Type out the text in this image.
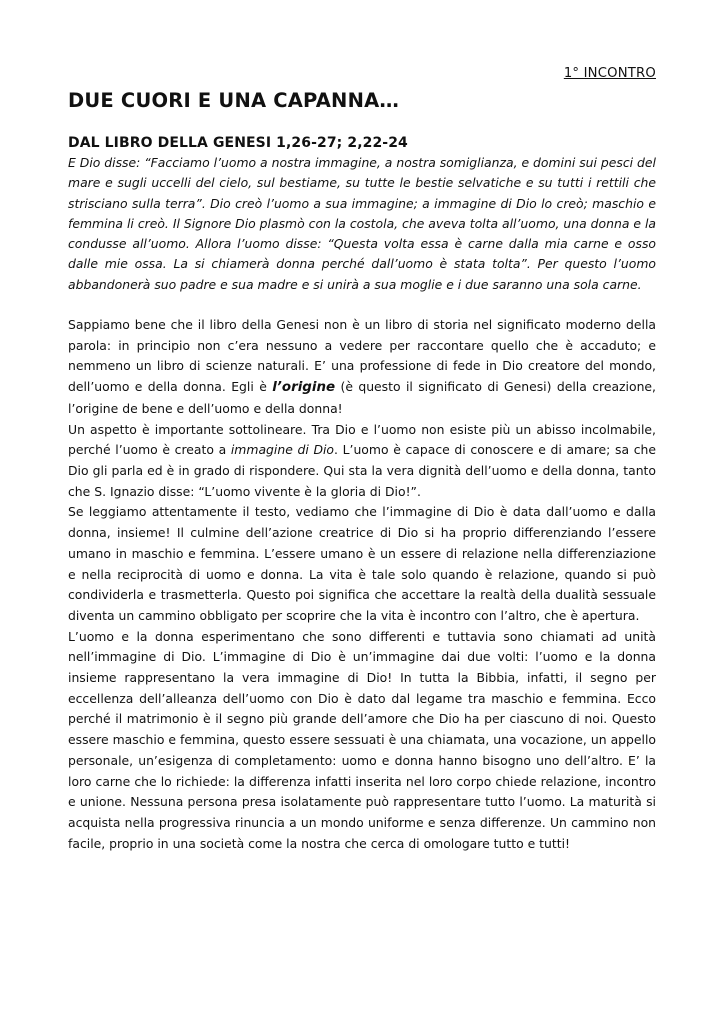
1° INCONTRO
DUE CUORI E UNA CAPANNA…
DAL LIBRO DELLA GENESI 1,26-27; 2,22-24

E Dio disse: “Facciamo l’uomo a nostra immagine, a nostra somiglianza, e domini sui pesci del mare e sugli uccelli del cielo, sul bestiame, su tutte le bestie selvatiche e su tutti i rettili che strisciano sulla terra”. Dio creò l’uomo a sua immagine; a immagine di Dio lo creò; maschio e femmina li creò. Il Signore Dio plasmò con la costola, che aveva tolta all’uomo, una donna e la condusse all’uomo. Allora l’uomo disse: “Questa volta essa è carne dalla mia carne e osso dalle mie ossa. La si chiamerà donna perché dall’uomo è stata tolta”. Per questo l’uomo abbandonerà suo padre e sua madre e si unirà a sua moglie e i due saranno una sola carne.

Sappiamo bene che il libro della Genesi non è un libro di storia nel significato moderno della parola: in principio non c’era nessuno a vedere per raccontare quello che è accaduto; e nemmeno un libro di scienze naturali. E’ una professione di fede in Dio creatore del mondo, dell’uomo e della donna. Egli è l’origine (è questo il significato di Genesi) della creazione, l’origine de bene e dell’uomo e della donna!

Un aspetto è importante sottolineare. Tra Dio e l’uomo non esiste più un abisso incolmabile, perché l’uomo è creato a immagine di Dio. L’uomo è capace di conoscere e di amare; sa che Dio gli parla ed è in grado di rispondere. Qui sta la vera dignità dell’uomo e della donna, tanto che S. Ignazio disse: “L’uomo vivente è la gloria di Dio!”.

Se leggiamo attentamente il testo, vediamo che l’immagine di Dio è data dall’uomo e dalla donna, insieme! Il culmine dell’azione creatrice di Dio si ha proprio differenziando l’essere umano in maschio e femmina. L’essere umano è un essere di relazione nella differenziazione e nella reciprocità di uomo e donna. La vita è tale solo quando è relazione, quando si può condividerla e trasmetterla. Questo poi significa che accettare la realtà della dualità sessuale diventa un cammino obbligato per scoprire che la vita è incontro con l’altro, che è apertura.

L’uomo e la donna esperimentano che sono differenti e tuttavia sono chiamati ad unità nell’immagine di Dio. L’immagine di Dio è un’immagine dai due volti: l’uomo e la donna insieme rappresentano la vera immagine di Dio! In tutta la Bibbia, infatti, il segno per eccellenza dell’alleanza dell’uomo con Dio è dato dal legame tra maschio e femmina. Ecco perché il matrimonio è il segno più grande dell’amore che Dio ha per ciascuno di noi. Questo essere maschio e femmina, questo essere sessuati è una chiamata, una vocazione, un appello personale, un’esigenza di completamento: uomo e donna hanno bisogno uno dell’altro. E’ la loro carne che lo richiede: la differenza infatti inserita nel loro corpo chiede relazione, incontro e unione. Nessuna persona presa isolatamente può rappresentare tutto l’uomo. La maturità si acquista nella progressiva rinuncia a un mondo uniforme e senza differenze. Un cammino non facile, proprio in una società come la nostra che cerca di omologare tutto e tutti!
